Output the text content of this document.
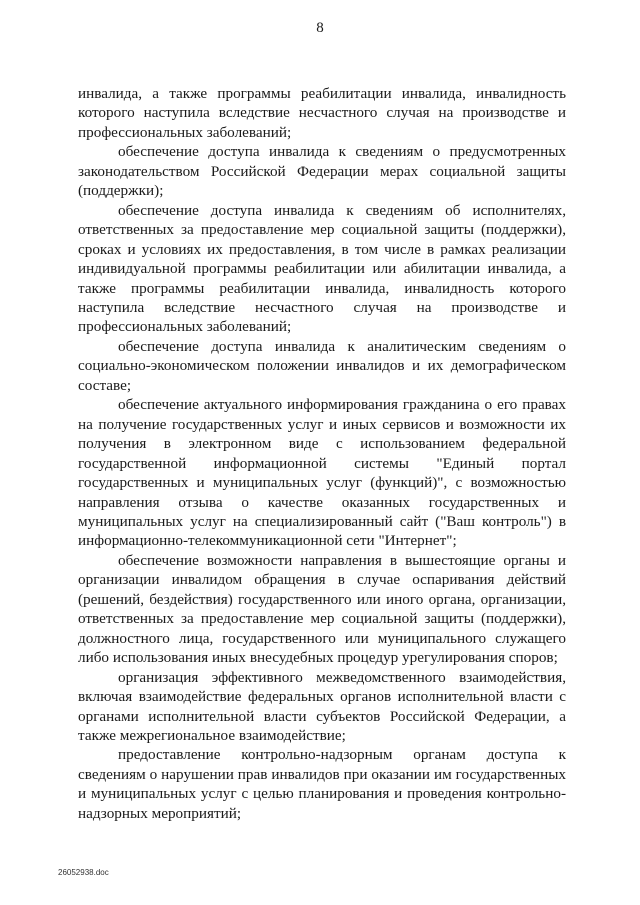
8

инвалида, а также программы реабилитации инвалида, инвалидность которого наступила вследствие несчастного случая на производстве и профессиональных заболеваний;

обеспечение доступа инвалида к сведениям о предусмотренных законодательством Российской Федерации мерах социальной защиты (поддержки);

обеспечение доступа инвалида к сведениям об исполнителях, ответственных за предоставление мер социальной защиты (поддержки), сроках и условиях их предоставления, в том числе в рамках реализации индивидуальной программы реабилитации или абилитации инвалида, а также программы реабилитации инвалида, инвалидность которого наступила вследствие несчастного случая на производстве и профессиональных заболеваний;

обеспечение доступа инвалида к аналитическим сведениям о социально-экономическом положении инвалидов и их демографическом составе;

обеспечение актуального информирования гражданина о его правах на получение государственных услуг и иных сервисов и возможности их получения в электронном виде с использованием федеральной государственной информационной системы "Единый портал государственных и муниципальных услуг (функций)", с возможностью направления отзыва о качестве оказанных государственных и муниципальных услуг на специализированный сайт ("Ваш контроль") в информационно-телекоммуникационной сети "Интернет";

обеспечение возможности направления в вышестоящие органы и организации инвалидом обращения в случае оспаривания действий (решений, бездействия) государственного или иного органа, организации, ответственных за предоставление мер социальной защиты (поддержки), должностного лица, государственного или муниципального служащего либо использования иных внесудебных процедур урегулирования споров;

организация эффективного межведомственного взаимодействия, включая взаимодействие федеральных органов исполнительной власти с органами исполнительной власти субъектов Российской Федерации, а также межрегиональное взаимодействие;

предоставление контрольно-надзорным органам доступа к сведениям о нарушении прав инвалидов при оказании им государственных и муниципальных услуг с целью планирования и проведения контрольно-надзорных мероприятий;

26052938.doc
